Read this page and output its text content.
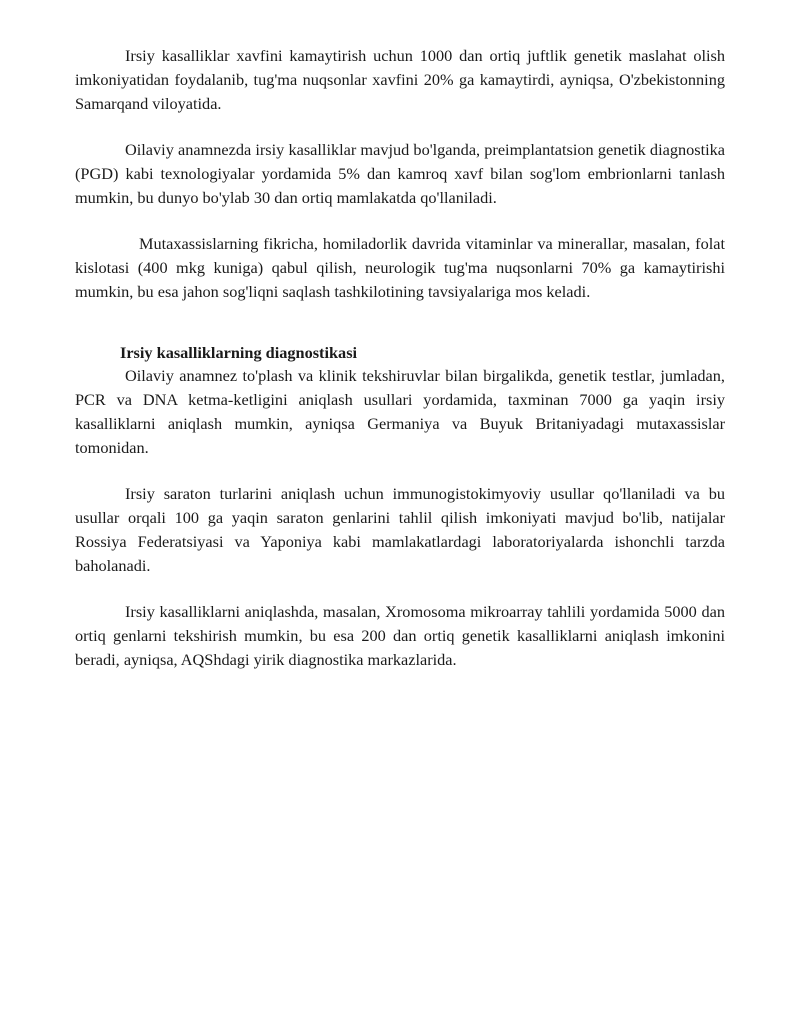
Irsiy kasalliklar xavfini kamaytirish uchun 1000 dan ortiq juftlik genetik maslahat olish imkoniyatidan foydalanib, tug'ma nuqsonlar xavfini 20% ga kamaytirdi, ayniqsa, O'zbekistonning Samarqand viloyatida.

Oilaviy anamnezda irsiy kasalliklar mavjud bo'lganda, preimplantatsion genetik diagnostika (PGD) kabi texnologiyalar yordamida 5% dan kamroq xavf bilan sog'lom embrionlarni tanlash mumkin, bu dunyo bo'ylab 30 dan ortiq mamlakatda qo'llaniladi.

Mutaxassislarning fikricha, homiladorlik davrida vitaminlar va minerallar, masalan, folat kislotasi (400 mkg kuniga) qabul qilish, neurologik tug'ma nuqsonlarni 70% ga kamaytirishi mumkin, bu esa jahon sog'liqni saqlash tashkilotining tavsiyalariga mos keladi.

Irsiy kasalliklarning diagnostikasi

Oilaviy anamnez to'plash va klinik tekshiruvlar bilan birgalikda, genetik testlar, jumladan, PCR va DNA ketma-ketligini aniqlash usullari yordamida, taxminan 7000 ga yaqin irsiy kasalliklarni aniqlash mumkin, ayniqsa Germaniya va Buyuk Britaniyadagi mutaxassislar tomonidan.

Irsiy saraton turlarini aniqlash uchun immunogistokimyoviy usullar qo'llaniladi va bu usullar orqali 100 ga yaqin saraton genlarini tahlil qilish imkoniyati mavjud bo'lib, natijalar Rossiya Federatsiyasi va Yaponiya kabi mamlakatlardagi laboratoriyalarda ishonchli tarzda baholanadi.

Irsiy kasalliklarni aniqlashda, masalan, Xromosoma mikroarray tahlili yordamida 5000 dan ortiq genlarni tekshirish mumkin, bu esa 200 dan ortiq genetik kasalliklarni aniqlash imkonini beradi, ayniqsa, AQShdagi yirik diagnostika markazlarida.
